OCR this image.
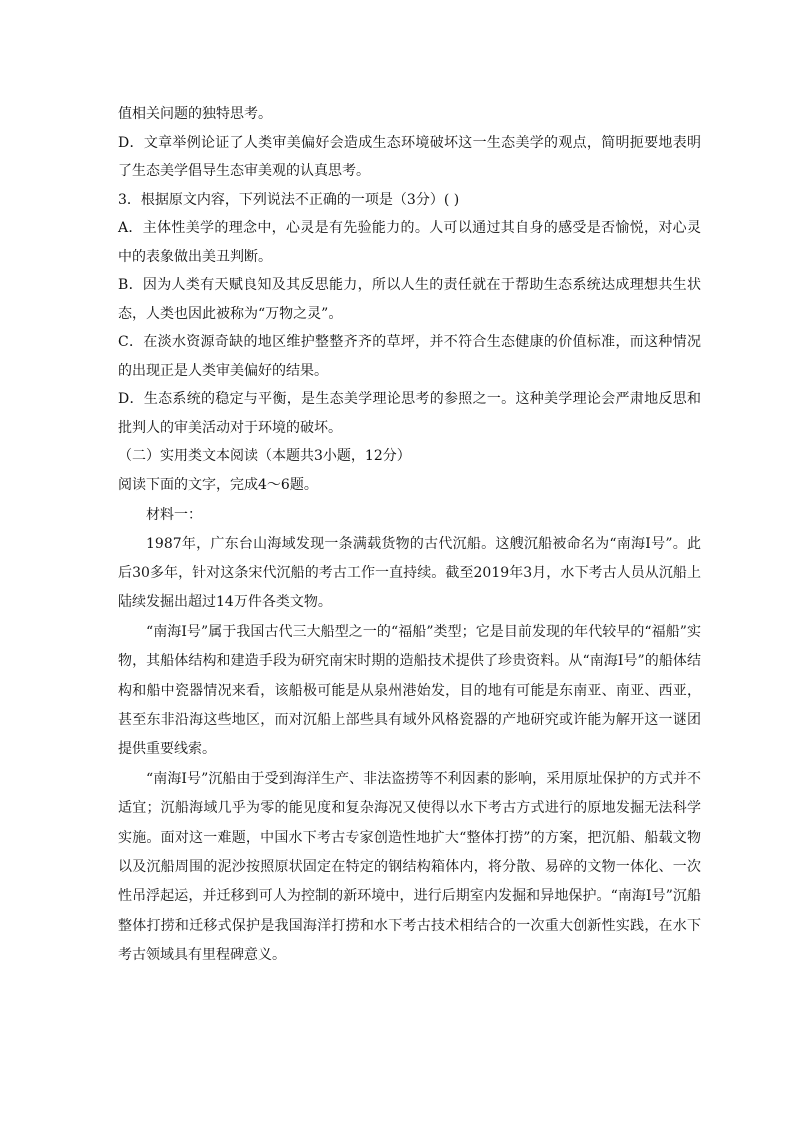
值相关问题的独特思考。

D．文章举例论证了人类审美偏好会造成生态环境破坏这一生态美学的观点，简明扼要地表明了生态美学倡导生态审美观的认真思考。

3．根据原文内容，下列说法不正确的一项是（3分）( )

A．主体性美学的理念中，心灵是有先验能力的。人可以通过其自身的感受是否愉悦，对心灵中的表象做出美丑判断。

B．因为人类有天赋良知及其反思能力，所以人生的责任就在于帮助生态系统达成理想共生状态，人类也因此被称为“万物之灵”。

C．在淡水资源奇缺的地区维护整整齐齐的草坪，并不符合生态健康的价值标准，而这种情况的出现正是人类审美偏好的结果。

D．生态系统的稳定与平衡，是生态美学理论思考的参照之一。这种美学理论会严肃地反思和批判人的审美活动对于环境的破坏。

（二）实用类文本阅读（本题共3小题，12分）

阅读下面的文字，完成4～6题。

材料一：

1987年，广东台山海域发现一条满载货物的古代沉船。这艘沉船被命名为“南海Ⅰ号”。此后30多年，针对这条宋代沉船的考古工作一直持续。截至2019年3月，水下考古人员从沉船上陆续发掘出超过14万件各类文物。

“南海Ⅰ号”属于我国古代三大船型之一的“福船”类型；它是目前发现的年代较早的“福船”实物，其船体结构和建造手段为研究南宋时期的造船技术提供了珍贵资料。从“南海Ⅰ号”的船体结构和船中瓷器情况来看，该船极可能是从泉州港始发，目的地有可能是东南亚、南亚、西亚，甚至东非沿海这些地区，而对沉船上部些具有域外风格瓷器的产地研究或许能为解开这一谜团提供重要线索。

“南海Ⅰ号”沉船由于受到海洋生产、非法盗捞等不利因素的影响，采用原址保护的方式并不适宜；沉船海域几乎为零的能见度和复杂海况又使得以水下考古方式进行的原地发掘无法科学实施。面对这一难题，中国水下考古专家创造性地扩大“整体打捞”的方案，把沉船、船载文物以及沉船周围的泥沙按照原状固定在特定的钢结构箱体内，将分散、易碎的文物一体化、一次性吊浮起运，并迁移到可人为控制的新环境中，进行后期室内发掘和异地保护。“南海Ⅰ号”沉船整体打捞和迁移式保护是我国海洋打捞和水下考古技术相结合的一次重大创新性实践，在水下考古领域具有里程碑意义。
